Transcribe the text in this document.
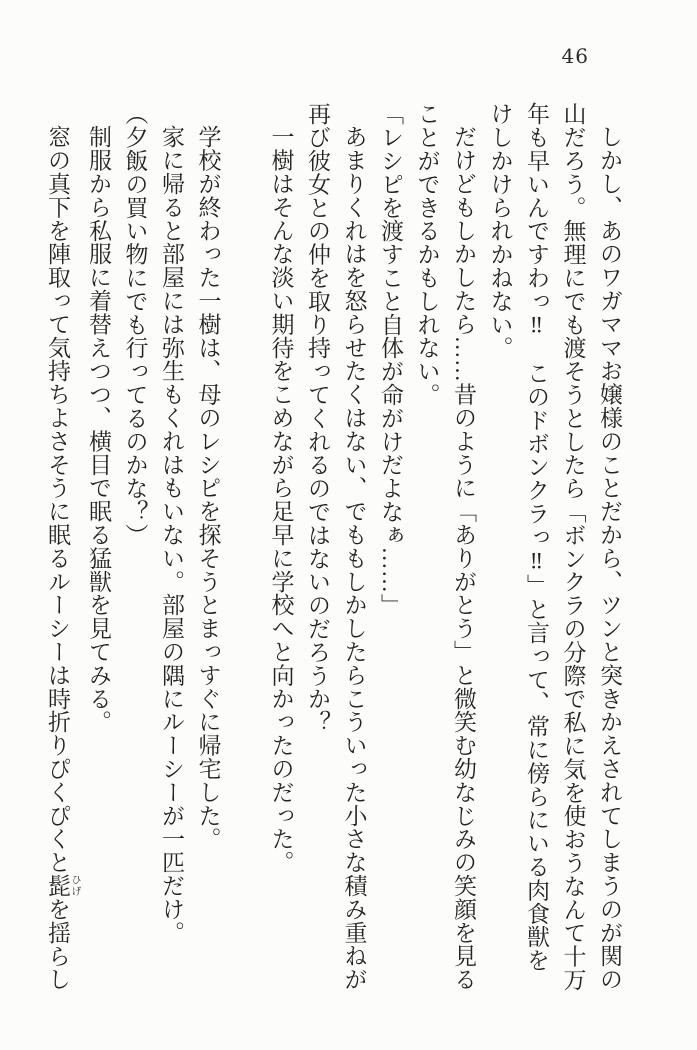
46

しかし、あのワガママお嬢様のことだから、ツンと突きかえされてしまうのが関の山だろう。無理にでも渡そうとしたら「ボンクラの分際で私に気を使おうなんて十万年も早いんですわっ‼　このドボンクラっ‼」と言って、常に傍らにいる肉食獣をけしかけられかねない。

だけどもしかしたら……昔のように「ありがとう」と微笑む幼なじみの笑顔を見ることができるかもしれない。

「レシピを渡すこと自体が命がけだよなぁ……」

あまりくれはを怒らせたくはない、でももしかしたらこういった小さな積み重ねが再び彼女との仲を取り持ってくれるのではないのだろうか？

一樹はそんな淡い期待をこめながら足早に学校へと向かったのだった。

学校が終わった一樹は、母のレシピを探そうとまっすぐに帰宅した。

家に帰ると部屋には弥生もくれはもいない。部屋の隅にルーシーが一匹だけ。

（夕飯の買い物にでも行ってるのかな？）

制服から私服に着替えつつ、横目で眠る猛獣を見てみる。

窓の真下を陣取って気持ちよさそうに眠るルーシーは時折りぴくぴくと髭 ひげを揺らし
